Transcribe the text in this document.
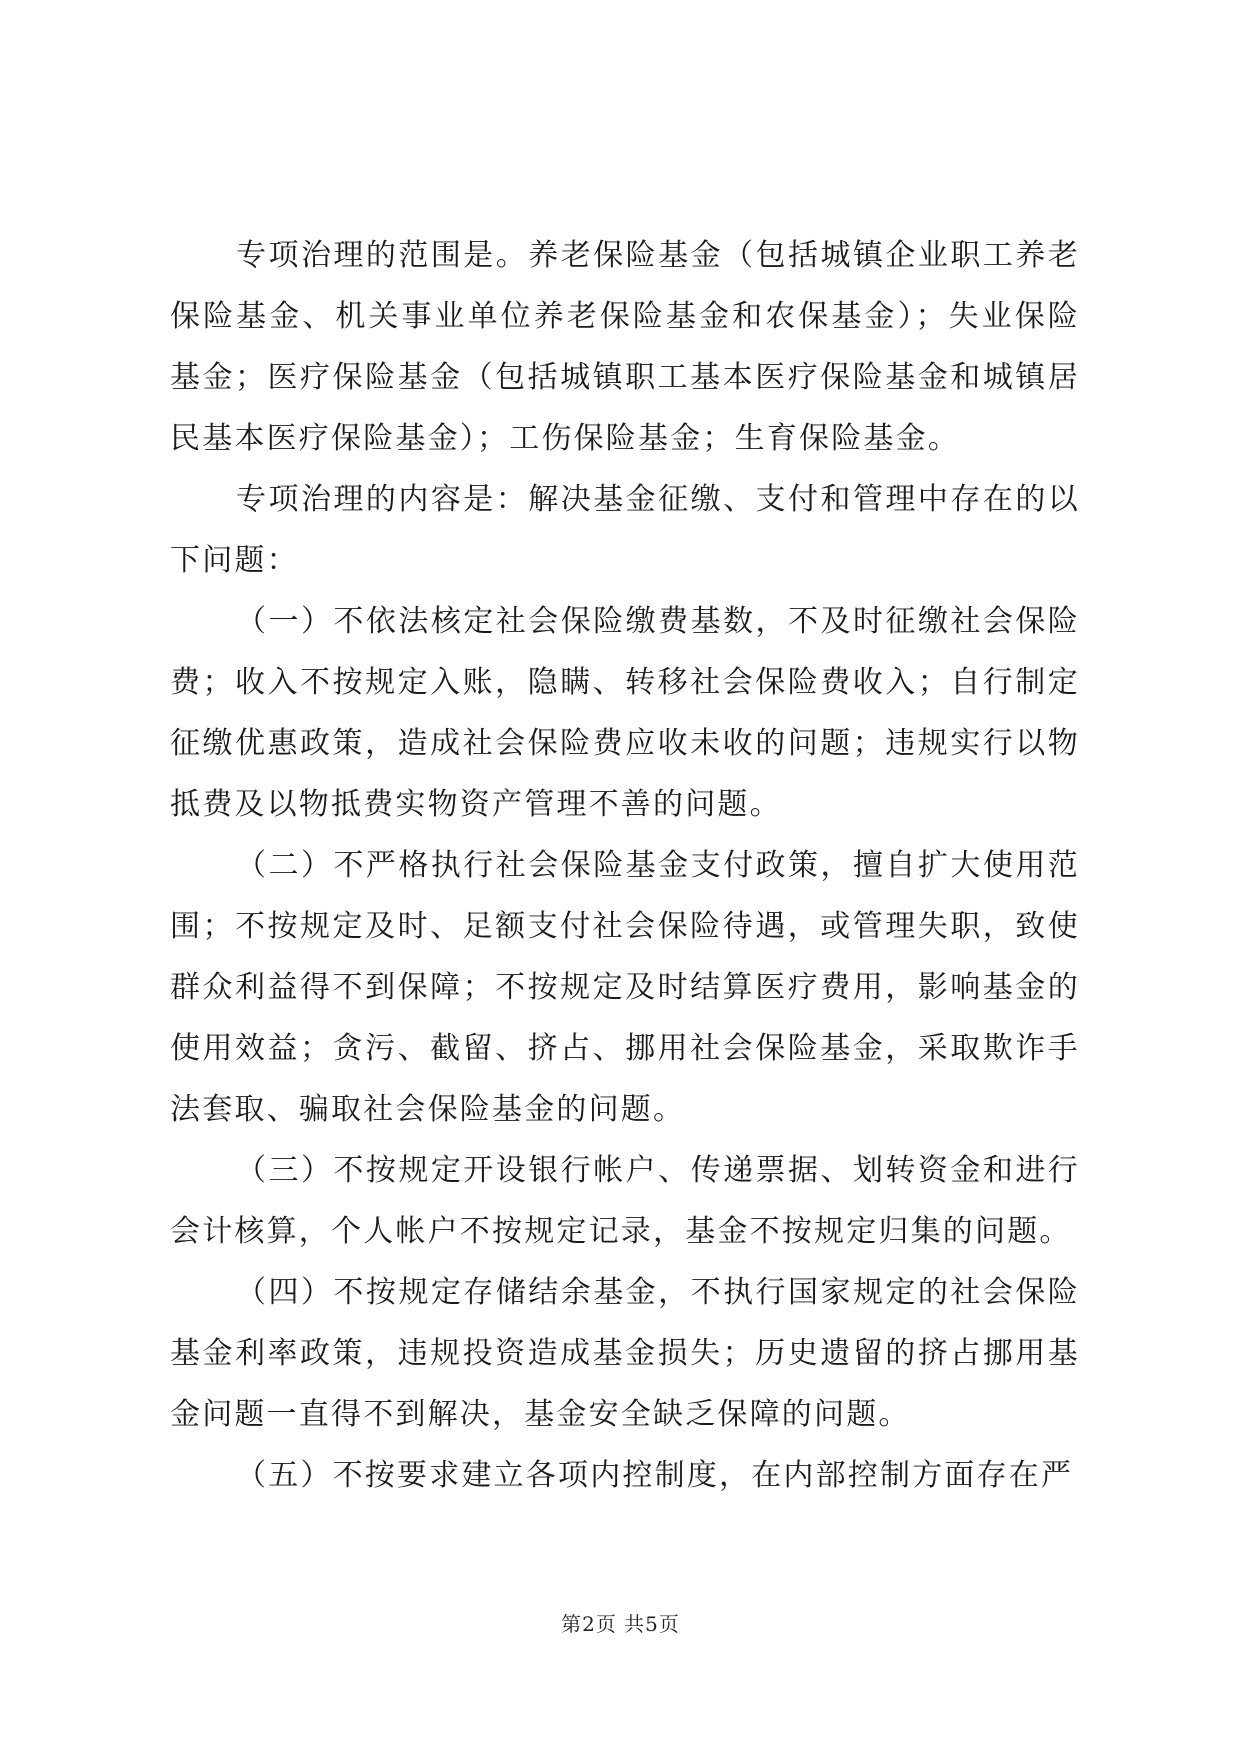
专项治理的范围是。养老保险基金（包括城镇企业职工养老保险基金、机关事业单位养老保险基金和农保基金）；失业保险基金；医疗保险基金（包括城镇职工基本医疗保险基金和城镇居民基本医疗保险基金）；工伤保险基金；生育保险基金。

专项治理的内容是：解决基金征缴、支付和管理中存在的以下问题：

（一）不依法核定社会保险缴费基数，不及时征缴社会保险费；收入不按规定入账，隐瞒、转移社会保险费收入；自行制定征缴优惠政策，造成社会保险费应收未收的问题；违规实行以物抵费及以物抵费实物资产管理不善的问题。

（二）不严格执行社会保险基金支付政策，擅自扩大使用范围；不按规定及时、足额支付社会保险待遇，或管理失职，致使群众利益得不到保障；不按规定及时结算医疗费用，影响基金的使用效益；贪污、截留、挤占、挪用社会保险基金，采取欺诈手法套取、骗取社会保险基金的问题。

（三）不按规定开设银行帐户、传递票据、划转资金和进行会计核算，个人帐户不按规定记录，基金不按规定归集的问题。

（四）不按规定存储结余基金，不执行国家规定的社会保险基金利率政策，违规投资造成基金损失；历史遗留的挤占挪用基金问题一直得不到解决，基金安全缺乏保障的问题。

（五）不按要求建立各项内控制度，在内部控制方面存在严

第2页 共5页
